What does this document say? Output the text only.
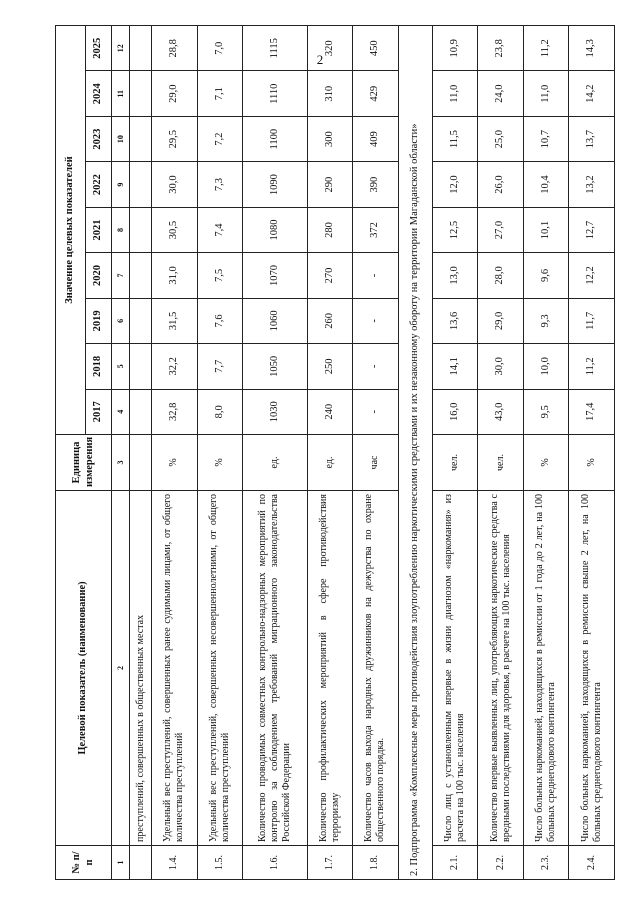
2
№ п/п	Целевой показатель (наименование)	Единица измерения	Значение целевых показателей								
			2017	2018	2019	2020	2021	2022	2023	2024	2025
1	2	3	4	5	6	7	8	9	10	11	12
	преступлений, совершенных в общественных местах										
1.4.	Удельный вес преступлений, совершенных ранее судимыми лицами, от общего количества преступлений	%	32,8	32,2	31,5	31,0	30,5	30,0	29,5	29,0	28,8
1.5.	Удельный вес преступлений, совершенных несовершеннолетними, от общего количества преступлений	%	8,0	7,7	7,6	7,5	7,4	7,3	7,2	7,1	7,0
1.6.	Количество проводимых совместных контрольно-надзорных мероприятий по контролю за соблюдением требований миграционного законодательства Российской Федерации	ед.	1030	1050	1060	1070	1080	1090	1100	1110	1115
1.7.	Количество профилактических мероприятий в сфере противодействия терроризму	ед.	240	250	260	270	280	290	300	310	320
1.8.	Количество часов выхода народных дружинников на дежурства по охране общественного порядка.	час	-	-	-	-	372	390	409	429	450
2. Подпрограмма «Комплексные меры противодействия злоупотреблению наркотическими средствами и их незаконному обороту на территории Магаданской области»											
2.1.	Число лиц с установленным впервые в жизни диагнозом «наркомания» из расчета на 100 тыс. населения	чел.	16,0	14,1	13,6	13,0	12,5	12,0	11,5	11,0	10,9
2.2.	Количество впервые выявленных лиц, употребляющих наркотические средства с вредными последствиями для здоровья, в расчете на 100 тыс. населения	чел.	43,0	30,0	29,0	28,0	27,0	26,0	25,0	24,0	23,8
2.3.	Число больных наркоманией, находящихся в ремиссии от 1 года до 2 лет, на 100 больных среднегодового контингента	%	9,5	10,0	9,3	9,6	10,1	10,4	10,7	11,0	11,2
2.4.	Число больных наркоманией, находящихся в ремиссии свыше 2 лет, на 100 больных среднегодового контингента	%	17,4	11,2	11,7	12,2	12,7	13,2	13,7	14,2	14,3
